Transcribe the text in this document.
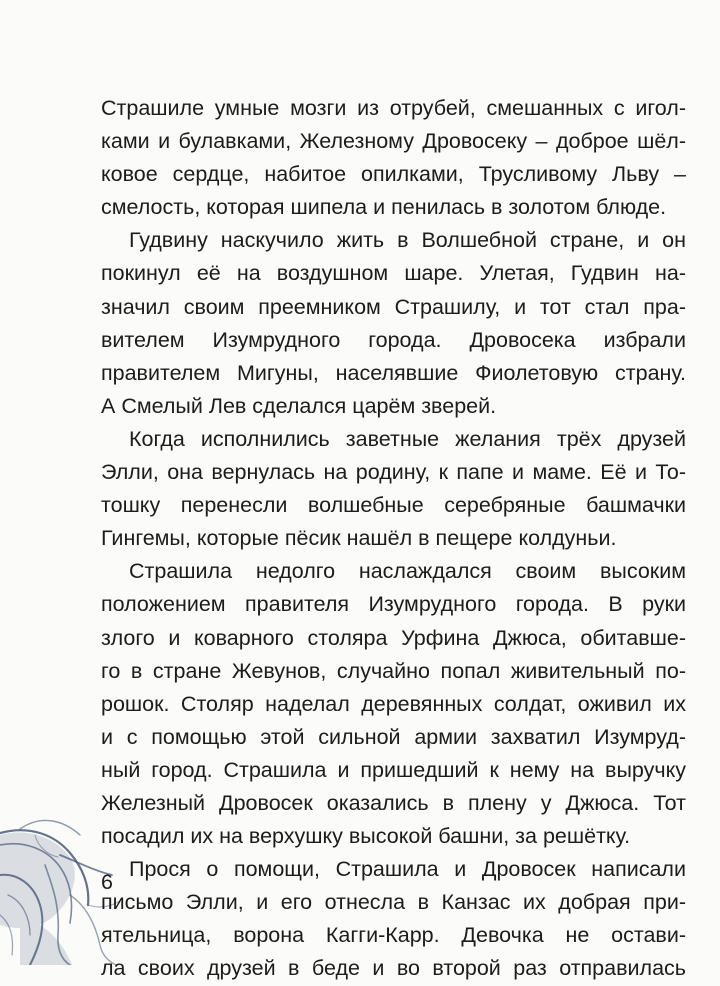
Страшиле умные мозги из отрубей, смешанных с игол-
ками и булавками, Железному Дровосеку – доброе шёл-
ковое сердце, набитое опилками, Трусливому Льву –
смелость, которая шипела и пенилась в золотом блюде.
Гудвину наскучило жить в Волшебной стране, и он
покинул её на воздушном шаре. Улетая, Гудвин на-
значил своим преемником Страшилу, и тот стал пра-
вителем Изумрудного города. Дровосека избрали
правителем Мигуны, населявшие Фиолетовую страну.
А Смелый Лев сделался царём зверей.
Когда исполнились заветные желания трёх друзей
Элли, она вернулась на родину, к папе и маме. Её и То-
тошку перенесли волшебные серебряные башмачки
Гингемы, которые пёсик нашёл в пещере колдуньи.
Страшила недолго наслаждался своим высоким
положением правителя Изумрудного города. В руки
злого и коварного столяра Урфина Джюса, обитавше-
го в стране Жевунов, случайно попал живительный по-
рошок. Столяр наделал деревянных солдат, оживил их
и с помощью этой сильной армии захватил Изумруд-
ный город. Страшила и пришедший к нему на выручку
Железный Дровосек оказались в плену у Джюса. Тот
посадил их на верхушку высокой башни, за решётку.
Прося о помощи, Страшила и Дровосек написали
письмо Элли, и его отнесла в Канзас их добрая при-
ятельница, ворона Кагги-Карр. Девочка не остави-
ла своих друзей в беде и во второй раз отправилась
6
